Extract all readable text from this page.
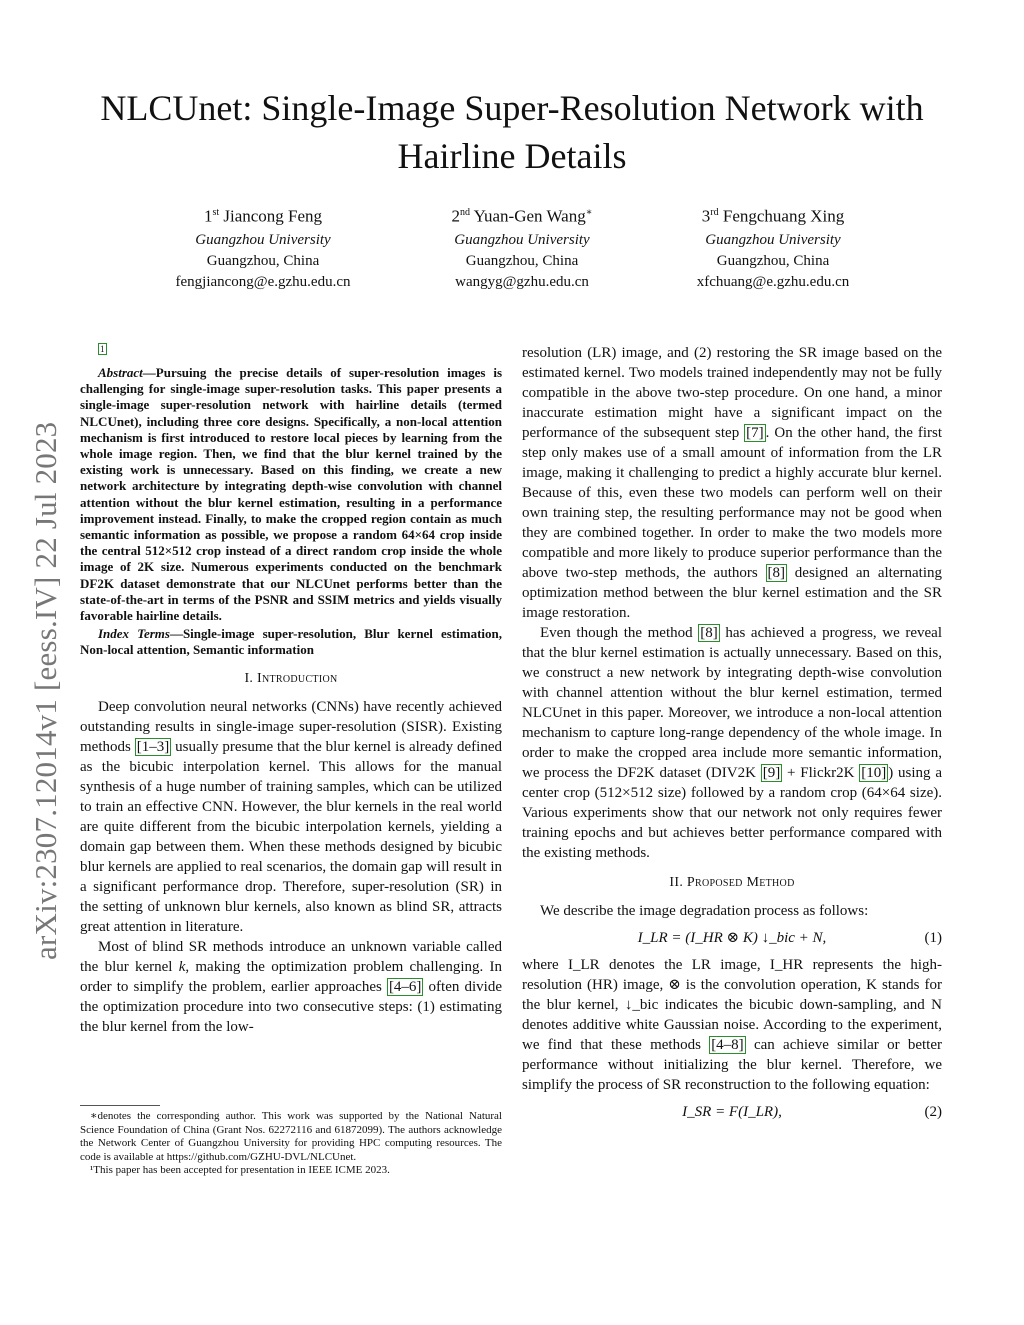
NLCUnet: Single-Image Super-Resolution Network with Hairline Details
1st Jiancong Feng
Guangzhou University
Guangzhou, China
fengjiancong@e.gzhu.edu.cn
2nd Yuan-Gen Wang∗
Guangzhou University
Guangzhou, China
wangyg@gzhu.edu.cn
3rd Fengchuang Xing
Guangzhou University
Guangzhou, China
xfchuang@e.gzhu.edu.cn
arXiv:2307.12014v1 [eess.IV] 22 Jul 2023
1

Abstract—Pursuing the precise details of super-resolution images is challenging for single-image super-resolution tasks. This paper presents a single-image super-resolution network with hairline details (termed NLCUnet), including three core designs. Specifically, a non-local attention mechanism is first introduced to restore local pieces by learning from the whole image region. Then, we find that the blur kernel trained by the existing work is unnecessary. Based on this finding, we create a new network architecture by integrating depth-wise convolution with channel attention without the blur kernel estimation, resulting in a performance improvement instead. Finally, to make the cropped region contain as much semantic information as possible, we propose a random 64×64 crop inside the central 512×512 crop instead of a direct random crop inside the whole image of 2K size. Numerous experiments conducted on the benchmark DF2K dataset demonstrate that our NLCUnet performs better than the state-of-the-art in terms of the PSNR and SSIM metrics and yields visually favorable hairline details.

Index Terms—Single-image super-resolution, Blur kernel estimation, Non-local attention, Semantic information

I. Introduction

Deep convolution neural networks (CNNs) have recently achieved outstanding results in single-image super-resolution (SISR). Existing methods [1–3] usually presume that the blur kernel is already defined as the bicubic interpolation kernel. This allows for the manual synthesis of a huge number of training samples, which can be utilized to train an effective CNN. However, the blur kernels in the real world are quite different from the bicubic interpolation kernels, yielding a domain gap between them. When these methods designed by bicubic blur kernels are applied to real scenarios, the domain gap will result in a significant performance drop. Therefore, super-resolution (SR) in the setting of unknown blur kernels, also known as blind SR, attracts great attention in literature.

Most of blind SR methods introduce an unknown variable called the blur kernel k, making the optimization problem challenging. In order to simplify the problem, earlier approaches [4–6] often divide the optimization procedure into two consecutive steps: (1) estimating the blur kernel from the low-

∗denotes the corresponding author. This work was supported by the National Natural Science Foundation of China (Grant Nos. 62272116 and 61872099). The authors acknowledge the Network Center of Guangzhou University for providing HPC computing resources. The code is available at https://github.com/GZHU-DVL/NLCUnet.

¹This paper has been accepted for presentation in IEEE ICME 2023.

resolution (LR) image, and (2) restoring the SR image based on the estimated kernel. Two models trained independently may not be fully compatible in the above two-step procedure. On one hand, a minor inaccurate estimation might have a significant impact on the performance of the subsequent step [7] . On the other hand, the first step only makes use of a small amount of information from the LR image, making it challenging to predict a highly accurate blur kernel. Because of this, even these two models can perform well on their own training step, the resulting performance may not be good when they are combined together. In order to make the two models more compatible and more likely to produce superior performance than the above two-step methods, the authors [8] designed an alternating optimization method between the blur kernel estimation and the SR image restoration.

Even though the method [8] has achieved a progress, we reveal that the blur kernel estimation is actually unnecessary. Based on this, we construct a new network by integrating depth-wise convolution with channel attention without the blur kernel estimation, termed NLCUnet in this paper. Moreover, we introduce a non-local attention mechanism to capture long-range dependency of the whole image. In order to make the cropped area include more semantic information, we process the DF2K dataset (DIV2K [9] + Flickr2K [10] ) using a center crop (512×512 size) followed by a random crop (64×64 size). Various experiments show that our network not only requires fewer training epochs and but achieves better performance compared with the existing methods.

II. Proposed Method

We describe the image degradation process as follows:

I_LR = (I_HR ⊗ K) ↓_bic + N,	(1)

where I_LR denotes the LR image, I_HR represents the high-resolution (HR) image, ⊗ is the convolution operation, K stands for the blur kernel, ↓_bic indicates the bicubic down-sampling, and N denotes additive white Gaussian noise. According to the experiment, we find that these methods [4–8] can achieve similar or better performance without initializing the blur kernel. Therefore, we simplify the process of SR reconstruction to the following equation:

I_SR = F(I_LR),	(2)
